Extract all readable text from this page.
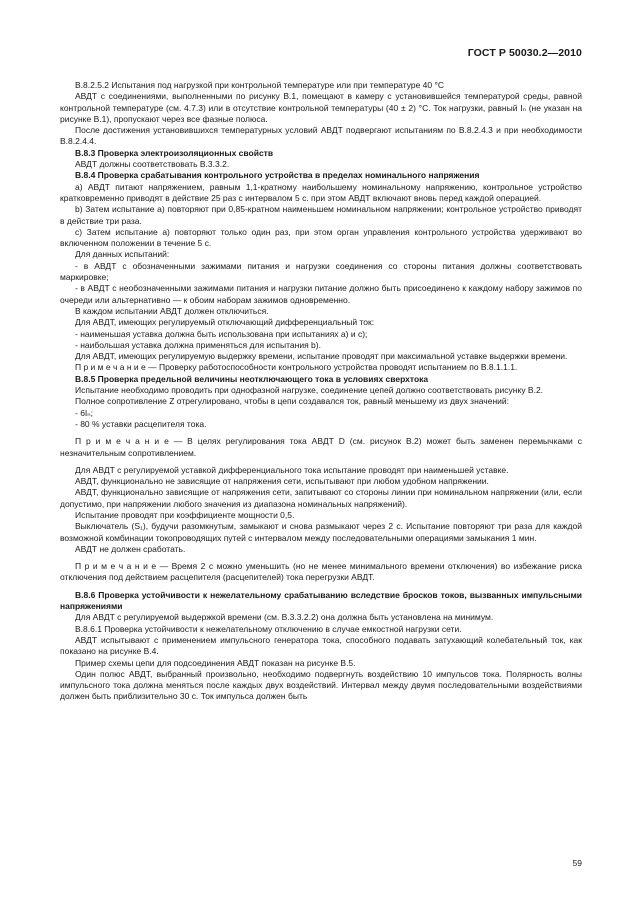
ГОСТ Р 50030.2—2010

В.8.2.5.2 Испытания под нагрузкой при контрольной температуре или при температуре 40 °С

АВДТ с соединениями, выполненными по рисунку В.1, помещают в камеру с установившейся температурой среды, равной контрольной температуре (см. 4.7.3) или в отсутствие контрольной температуры (40 ± 2) °С. Ток нагрузки, равный Iₙ (не указан на рисунке В.1), пропускают через все фазные полюса.

После достижения установившихся температурных условий АВДТ подвергают испытаниям по В.8.2.4.3 и при необходимости В.8.2.4.4.

В.8.3 Проверка электроизоляционных свойств

АВДТ должны соответствовать В.3.3.2.

В.8.4 Проверка срабатывания контрольного устройства в пределах номинального напряжения

а) АВДТ питают напряжением, равным 1,1-кратному наибольшему номинальному напряжению, контрольное устройство кратковременно приводят в действие 25 раз с интервалом 5 с. при этом АВДТ включают вновь перед каждой операцией.

b) Затем испытание а) повторяют при 0,85-кратном наименьшем номинальном напряжении; контрольное устройство приводят в действие три раза.

с) Затем испытание а) повторяют только один раз, при этом орган управления контрольного устройства удерживают во включенном положении в течение 5 с.

Для данных испытаний:

- в АВДТ с обозначенными зажимами питания и нагрузки соединения со стороны питания должны соответствовать маркировке;

- в АВДТ с необозначенными зажимами питания и нагрузки питание должно быть присоединено к каждому набору зажимов по очереди или альтернативно — к обоим наборам зажимов одновременно.

В каждом испытании АВДТ должен отключиться.

Для АВДТ, имеющих регулируемый отключающий дифференциальный ток:

- наименьшая уставка должна быть использована при испытаниях а) и с);

- наибольшая уставка должна применяться для испытания b).

Для АВДТ, имеющих регулируемую выдержку времени, испытание проводят при максимальной уставке выдержки времени.

П р и м е ч а н и е — Проверку работоспособности контрольного устройства проводят испытанием по В.8.1.1.1.

В.8.5 Проверка предельной величины неотключающего тока в условиях сверхтока

Испытание необходимо проводить при однофазной нагрузке, соединение цепей должно соответствовать рисунку В.2.

Полное сопротивление Z отрегулировано, чтобы в цепи создавался ток, равный меньшему из двух значений:

- 6Iₙ;

- 80 % уставки расцепителя тока.

П р и м е ч а н и е — В целях регулирования тока АВДТ D (см. рисунок В.2) может быть заменен перемычками с незначительным сопротивлением.

Для АВДТ с регулируемой уставкой дифференциального тока испытание проводят при наименьшей уставке.

АВДТ, функционально не зависящие от напряжения сети, испытывают при любом удобном напряжении.

АВДТ, функционально зависящие от напряжения сети, запитывают со стороны линии при номинальном напряжении (или, если допустимо, при напряжении любого значения из диапазона номинальных напряжений).

Испытание проводят при коэффициенте мощности 0,5.

Выключатель (S₁), будучи разомкнутым, замыкают и снова размыкают через 2 с. Испытание повторяют три раза для каждой возможной комбинации токопроводящих путей с интервалом между последовательными операциями замыкания 1 мин.

АВДТ не должен сработать.

П р и м е ч а н и е — Время 2 с можно уменьшить (но не менее минимального времени отключения) во избежание риска отключения под действием расцепителя (расцепителей) тока перегрузки АВДТ.

В.8.6 Проверка устойчивости к нежелательному срабатыванию вследствие бросков токов, вызванных импульсными напряжениями

Для АВДТ с регулируемой выдержкой времени (см. В.3.3.2.2) она должна быть установлена на минимум.

В.8.6.1 Проверка устойчивости к нежелательному отключению в случае емкостной нагрузки сети.

АВДТ испытывают с применением импульсного генератора тока, способного подавать затухающий колебательный ток, как показано на рисунке В.4.

Пример схемы цепи для подсоединения АВДТ показан на рисунке В.5.

Один полюс АВДТ, выбранный произвольно, необходимо подвергнуть воздействию 10 импульсов тока. Полярность волны импульсного тока должна меняться после каждых двух воздействий. Интервал между двумя последовательными воздействиями должен быть приблизительно 30 с. Ток импульса должен быть

59
